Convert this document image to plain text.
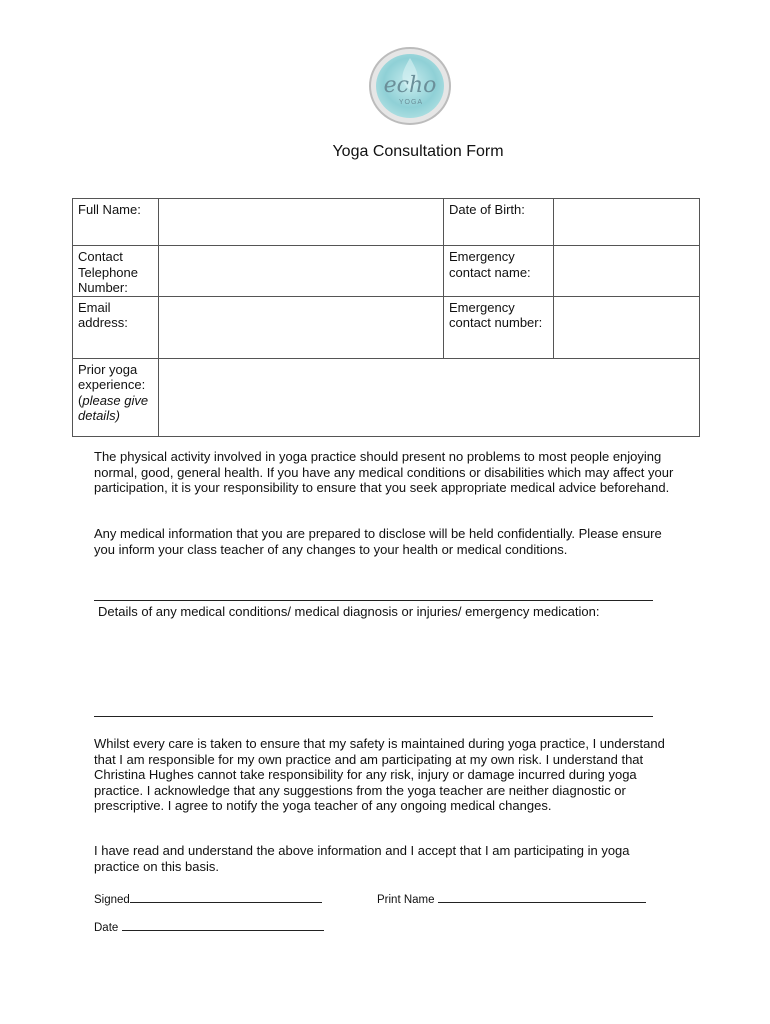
echo
YOGA
Yoga Consultation Form
Full Name:		Date of Birth:	
Contact Telephone Number:		Emergency contact name:	
Email address:		Emergency contact number:	
Prior yoga experience: (please give details)			
The physical activity involved in yoga practice should present no problems to most people enjoying normal, good, general health. If you have any medical conditions or disabilities which may affect your participation, it is your responsibility to ensure that you seek appropriate medical advice beforehand.
Any medical information that you are prepared to disclose will be held confidentially. Please ensure you inform your class teacher of any changes to your health or medical conditions.
Details of any medical conditions/ medical diagnosis or injuries/ emergency medication:
Whilst every care is taken to ensure that my safety is maintained during yoga practice, I understand that I am responsible for my own practice and am participating at my own risk. I understand that Christina Hughes cannot take responsibility for any risk, injury or damage incurred during yoga practice. I acknowledge that any suggestions from the yoga teacher are neither diagnostic or prescriptive. I agree to notify the yoga teacher of any ongoing medical changes.
I have read and understand the above information and I accept that I am participating in yoga practice on this basis.
Signed	Print Name
Date
